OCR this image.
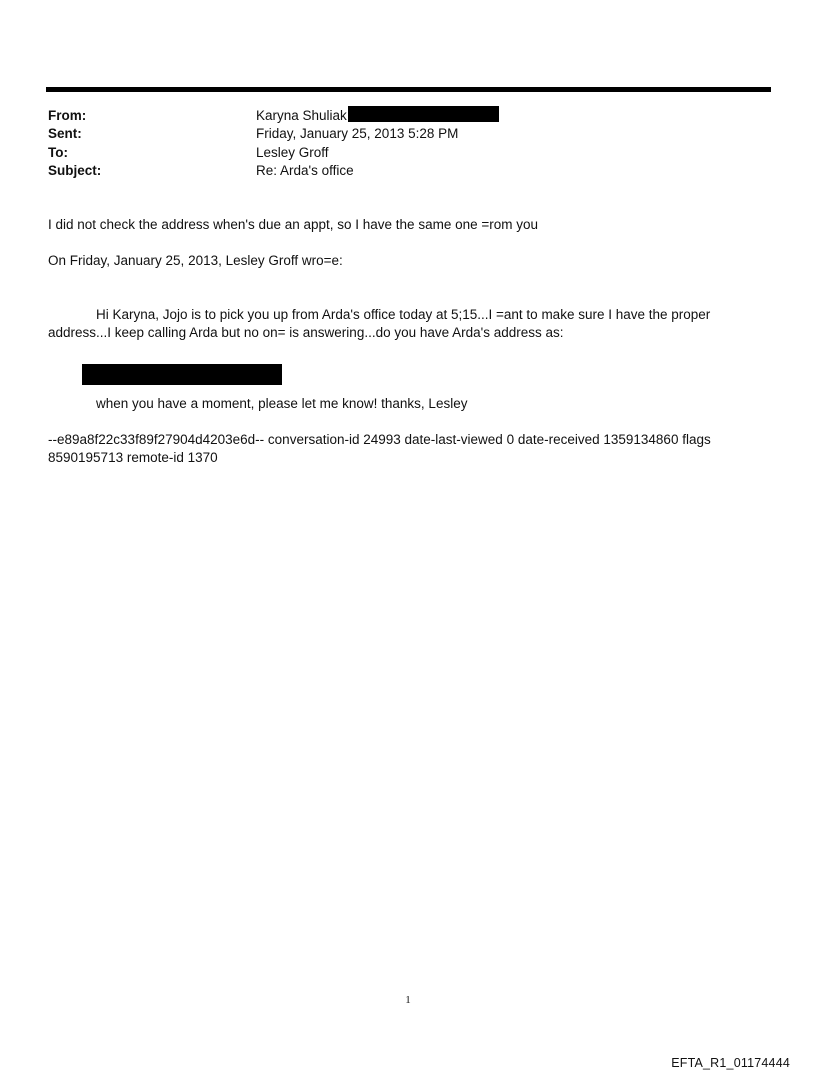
From:	Karyna Shuliak
Sent:	Friday, January 25, 2013 5:28 PM
To:	Lesley Groff
Subject:	Re: Arda's office
I did not check the address when's due an appt, so I have the same one =rom you
On Friday, January 25, 2013, Lesley Groff wro=e:
Hi Karyna, Jojo is to pick you up from Arda's office today at 5;15...I =ant to make sure I have the proper
address...I keep calling Arda but no on= is answering...do you have Arda's address as:
when you have a moment, please let me know! thanks, Lesley
--e89a8f22c33f89f27904d4203e6d-- conversation-id 24993 date-last-viewed 0 date-received 1359134860 flags
8590195713 remote-id 1370
1
EFTA_R1_01174444
